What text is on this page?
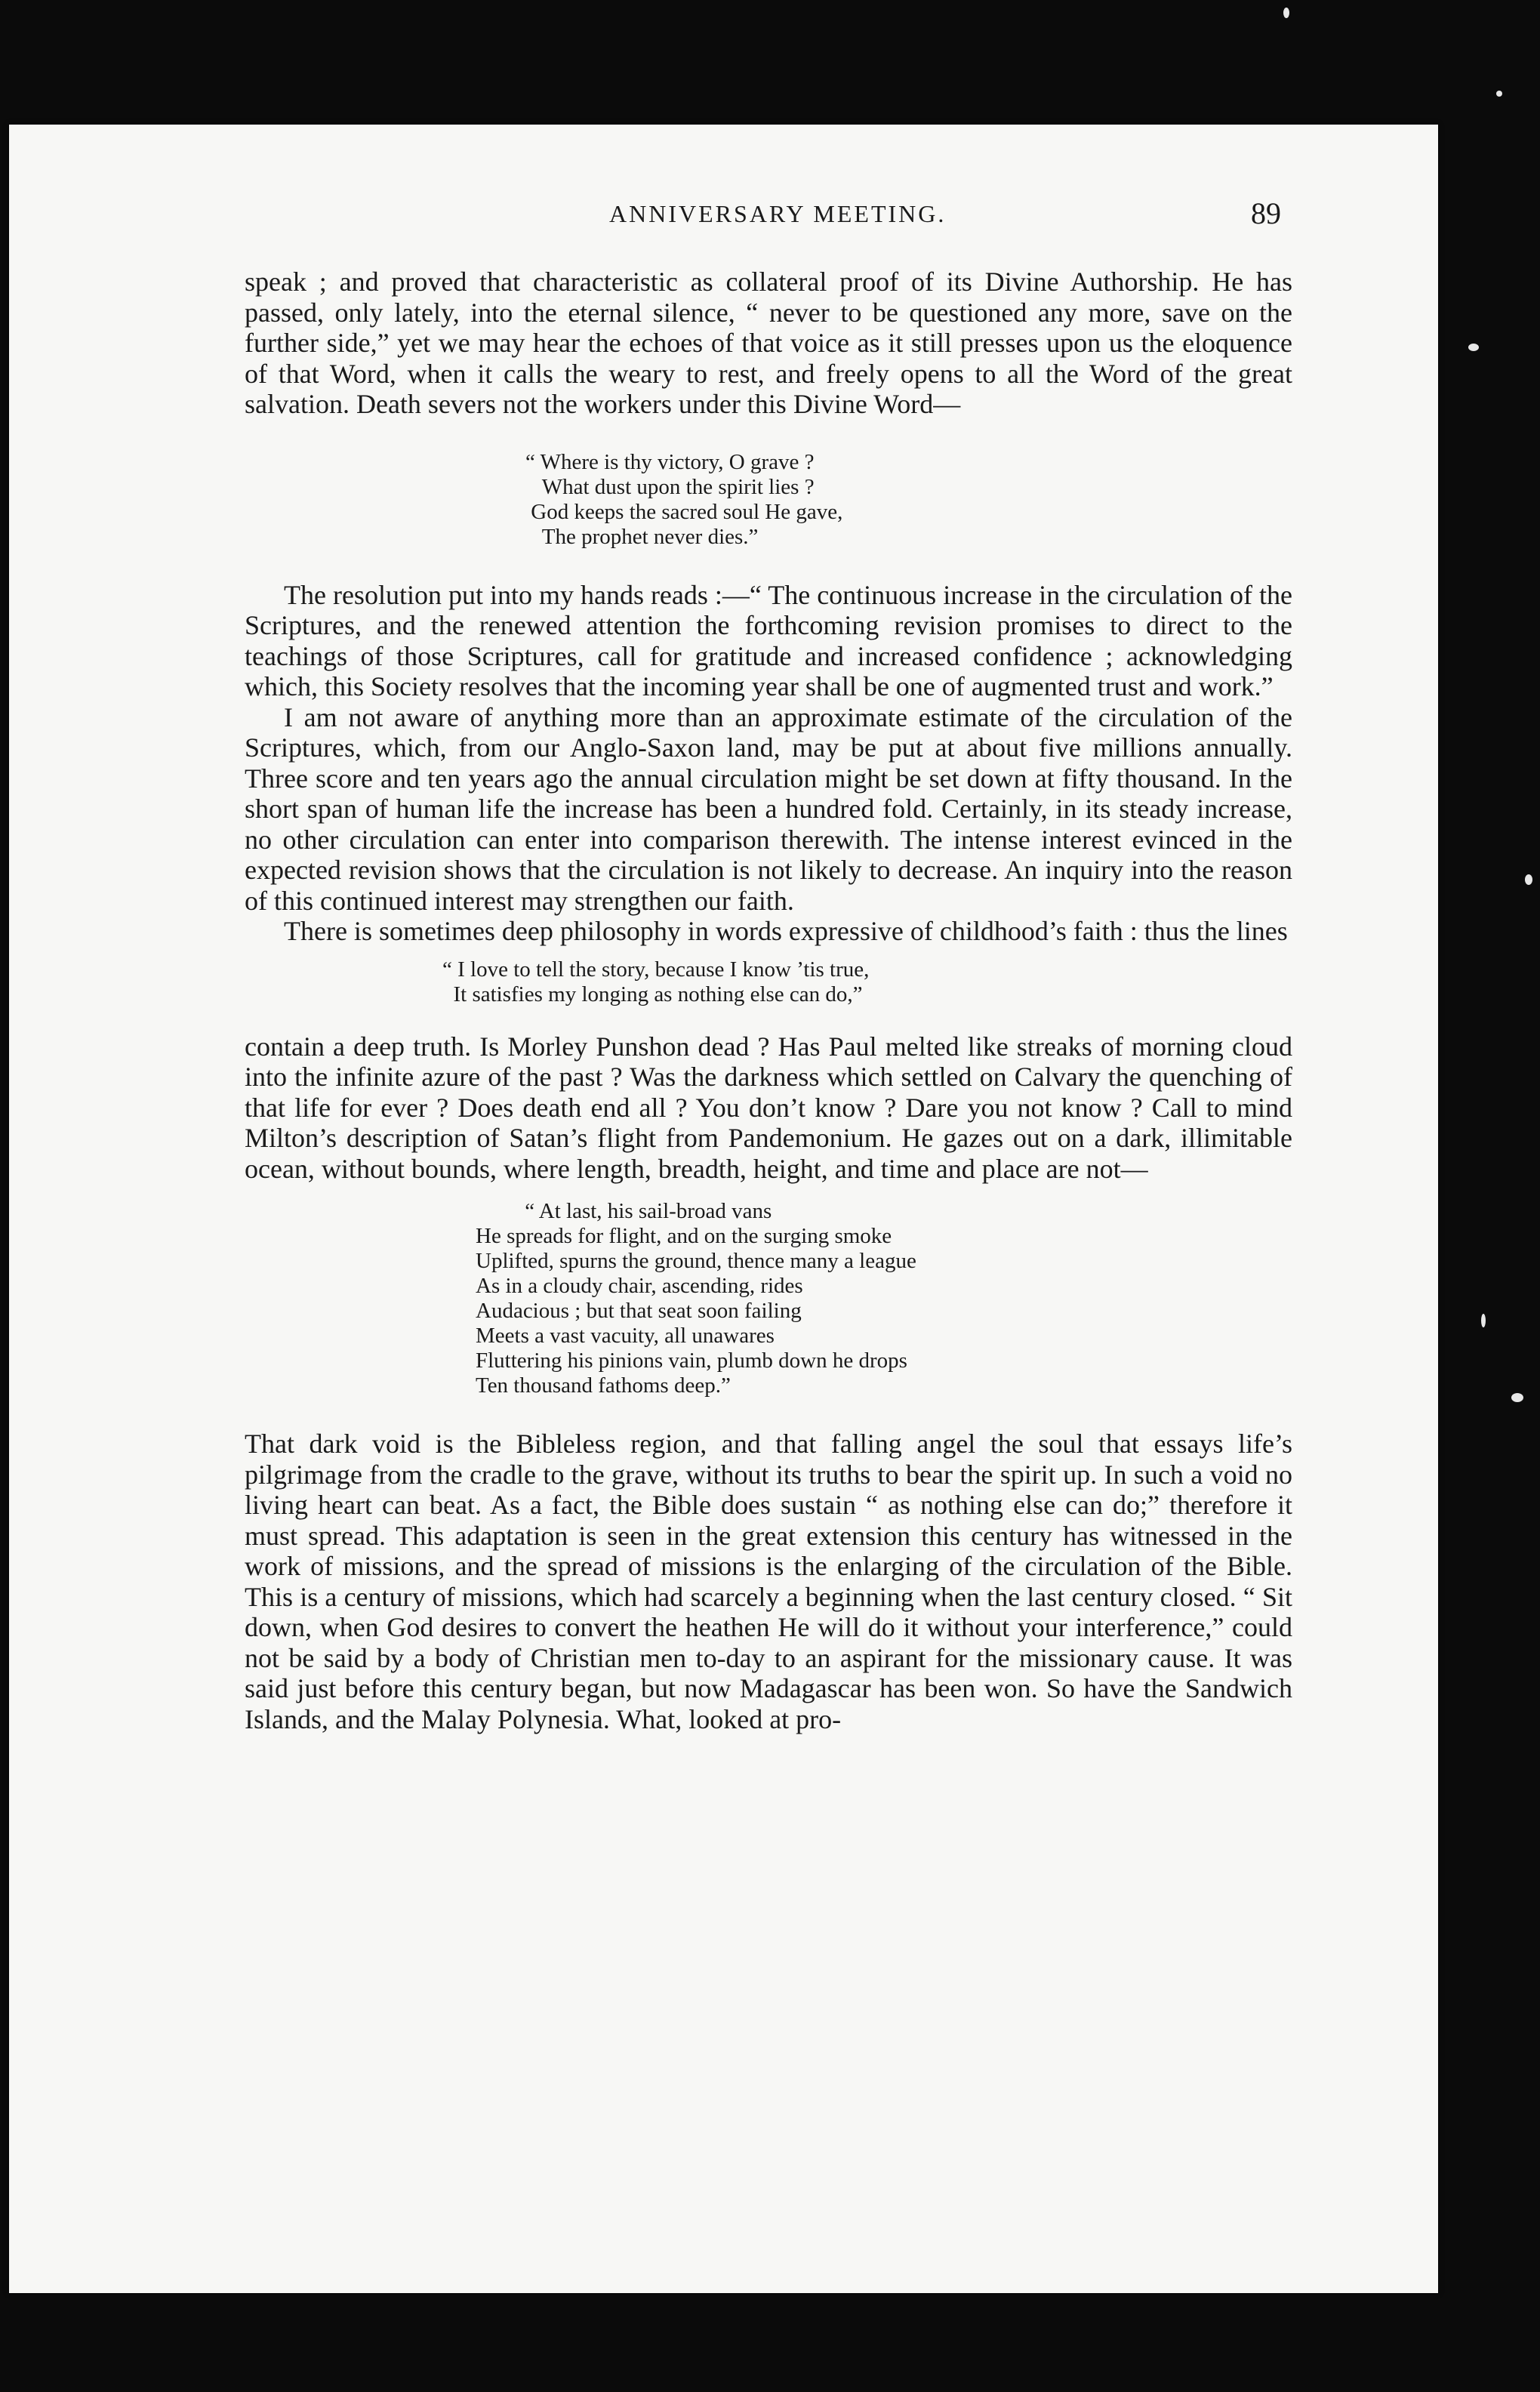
ANNIVERSARY MEETING.	89

speak ; and proved that characteristic as collateral proof of its Divine Authorship. He has passed, only lately, into the eternal silence, “ never to be questioned any more, save on the further side,” yet we may hear the echoes of that voice as it still presses upon us the eloquence of that Word, when it calls the weary to rest, and freely opens to all the Word of the great salvation. Death severs not the workers under this Divine Word—

“ Where is thy victory, O grave ?
What dust upon the spirit lies ?
God keeps the sacred soul He gave,
The prophet never dies.”

The resolution put into my hands reads :—“ The continuous increase in the circulation of the Scriptures, and the renewed attention the forthcoming revision promises to direct to the teachings of those Scriptures, call for gratitude and increased confidence ; acknowledging which, this Society resolves that the incoming year shall be one of augmented trust and work.”

I am not aware of anything more than an approximate estimate of the circulation of the Scriptures, which, from our Anglo-Saxon land, may be put at about five millions annually. Three score and ten years ago the annual circulation might be set down at fifty thousand. In the short span of human life the increase has been a hundred fold. Certainly, in its steady increase, no other circulation can enter into comparison therewith. The intense interest evinced in the expected revision shows that the circulation is not likely to decrease. An inquiry into the reason of this continued interest may strengthen our faith.

There is sometimes deep philosophy in words expressive of childhood’s faith : thus the lines

“ I love to tell the story, because I know ’tis true,
It satisfies my longing as nothing else can do,”

contain a deep truth. Is Morley Punshon dead ? Has Paul melted like streaks of morning cloud into the infinite azure of the past ? Was the darkness which settled on Calvary the quenching of that life for ever ? Does death end all ? You don’t know ? Dare you not know ? Call to mind Milton’s description of Satan’s flight from Pandemonium. He gazes out on a dark, illimitable ocean, without bounds, where length, breadth, height, and time and place are not—

“ At last, his sail-broad vans
He spreads for flight, and on the surging smoke
Uplifted, spurns the ground, thence many a league
As in a cloudy chair, ascending, rides
Audacious ; but that seat soon failing
Meets a vast vacuity, all unawares
Fluttering his pinions vain, plumb down he drops
Ten thousand fathoms deep.”

That dark void is the Bibleless region, and that falling angel the soul that essays life’s pilgrimage from the cradle to the grave, without its truths to bear the spirit up. In such a void no living heart can beat. As a fact, the Bible does sustain “ as nothing else can do;” therefore it must spread. This adaptation is seen in the great extension this century has witnessed in the work of missions, and the spread of missions is the enlarging of the circulation of the Bible. This is a century of missions, which had scarcely a beginning when the last century closed. “ Sit down, when God desires to convert the heathen He will do it without your interference,” could not be said by a body of Christian men to-day to an aspirant for the missionary cause. It was said just before this century began, but now Madagascar has been won. So have the Sandwich Islands, and the Malay Polynesia. What, looked at pro-
